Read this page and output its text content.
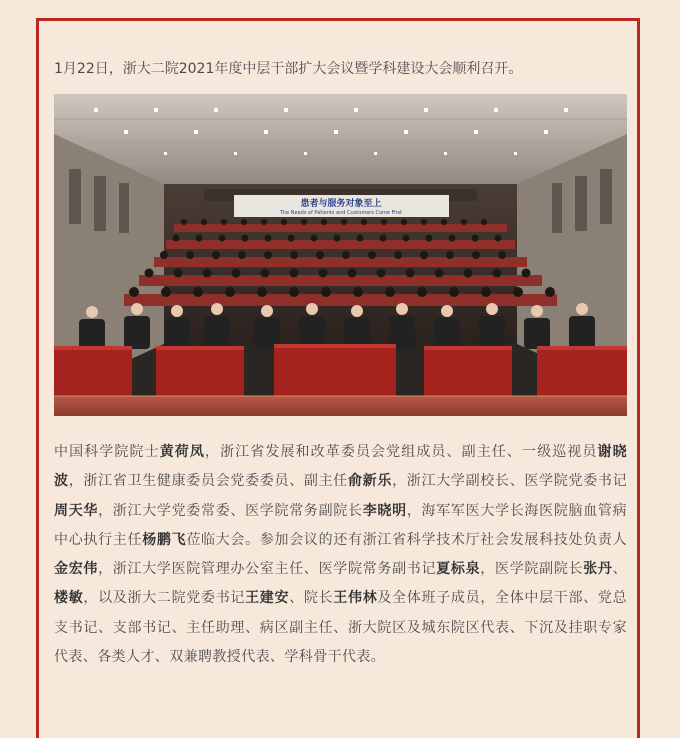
1月22日，浙大二院2021年度中层干部扩大会议暨学科建设大会顺利召开。

患者与服务对象至上
The Needs of Patients and Customers Come First
中国科学院院士黄荷凤，浙江省发展和改革委员会党组成员、副主任、一级巡视员谢晓波，浙江省卫生健康委员会党委委员、副主任俞新乐，浙江大学副校长、医学院党委书记周天华，浙江大学党委常委、医学院常务副院长李晓明，海军军医大学长海医院脑血管病中心执行主任杨鹏飞莅临大会。参加会议的还有浙江省科学技术厅社会发展科技处负责人金宏伟，浙江大学医院管理办公室主任、医学院常务副书记夏标泉，医学院副院长张丹、楼敏，以及浙大二院党委书记王建安、院长王伟林及全体班子成员，全体中层干部、党总支书记、支部书记、主任助理、病区副主任、浙大院区及城东院区代表、下沉及挂职专家代表、各类人才、双兼聘教授代表、学科骨干代表。
